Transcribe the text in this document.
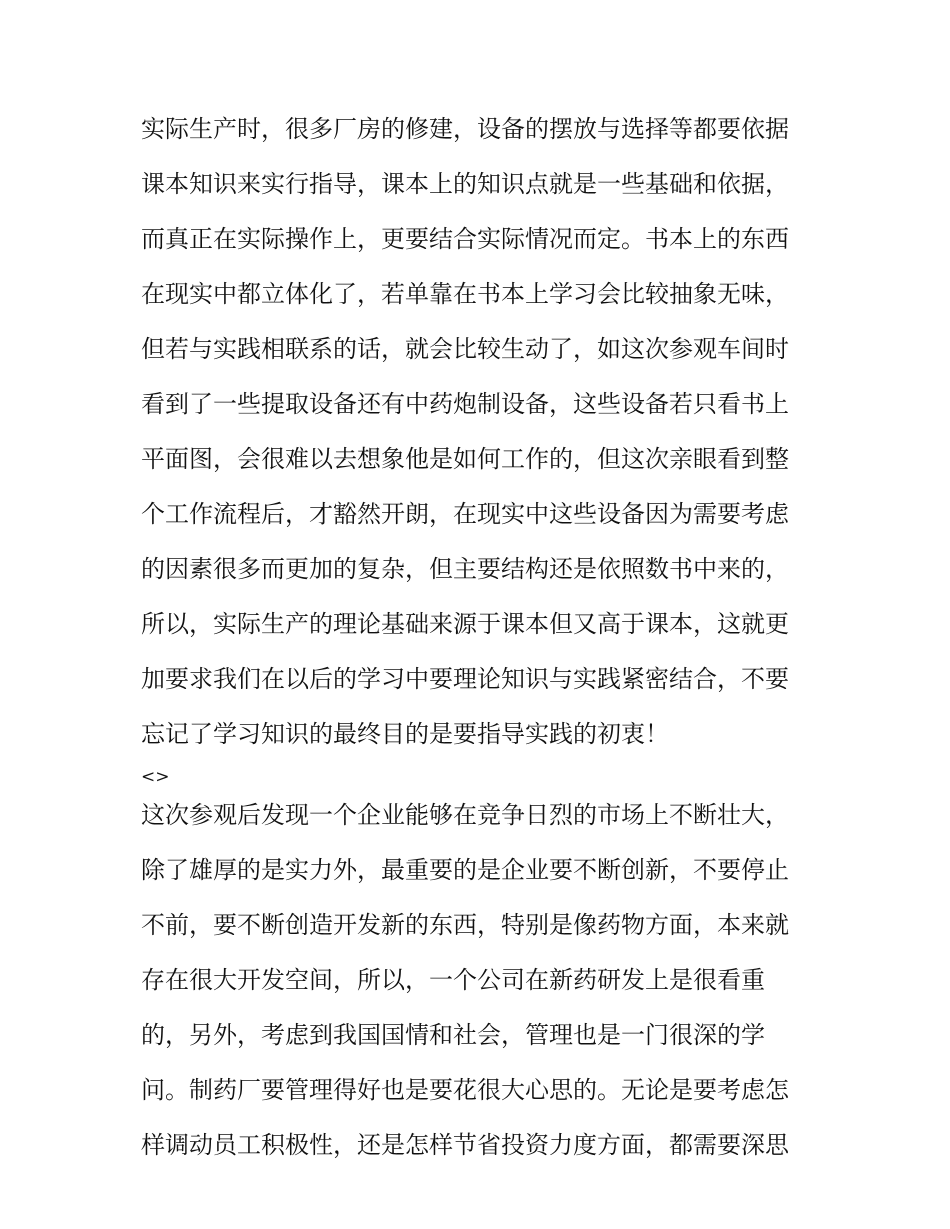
实际生产时，很多厂房的修建，设备的摆放与选择等都要依据
课本知识来实行指导，课本上的知识点就是一些基础和依据，
而真正在实际操作上，更要结合实际情况而定。书本上的东西
在现实中都立体化了，若单靠在书本上学习会比较抽象无味，
但若与实践相联系的话，就会比较生动了，如这次参观车间时
看到了一些提取设备还有中药炮制设备，这些设备若只看书上
平面图，会很难以去想象他是如何工作的，但这次亲眼看到整
个工作流程后，才豁然开朗，在现实中这些设备因为需要考虑
的因素很多而更加的复杂，但主要结构还是依照数书中来的，
所以，实际生产的理论基础来源于课本但又高于课本，这就更
加要求我们在以后的学习中要理论知识与实践紧密结合，不要
忘记了学习知识的最终目的是要指导实践的初衷！
<>
这次参观后发现一个企业能够在竞争日烈的市场上不断壮大，
除了雄厚的是实力外，最重要的是企业要不断创新，不要停止
不前，要不断创造开发新的东西，特别是像药物方面，本来就
存在很大开发空间，所以，一个公司在新药研发上是很看重
的，另外，考虑到我国国情和社会，管理也是一门很深的学
问。制药厂要管理得好也是要花很大心思的。无论是要考虑怎
样调动员工积极性，还是怎样节省投资力度方面，都需要深思
